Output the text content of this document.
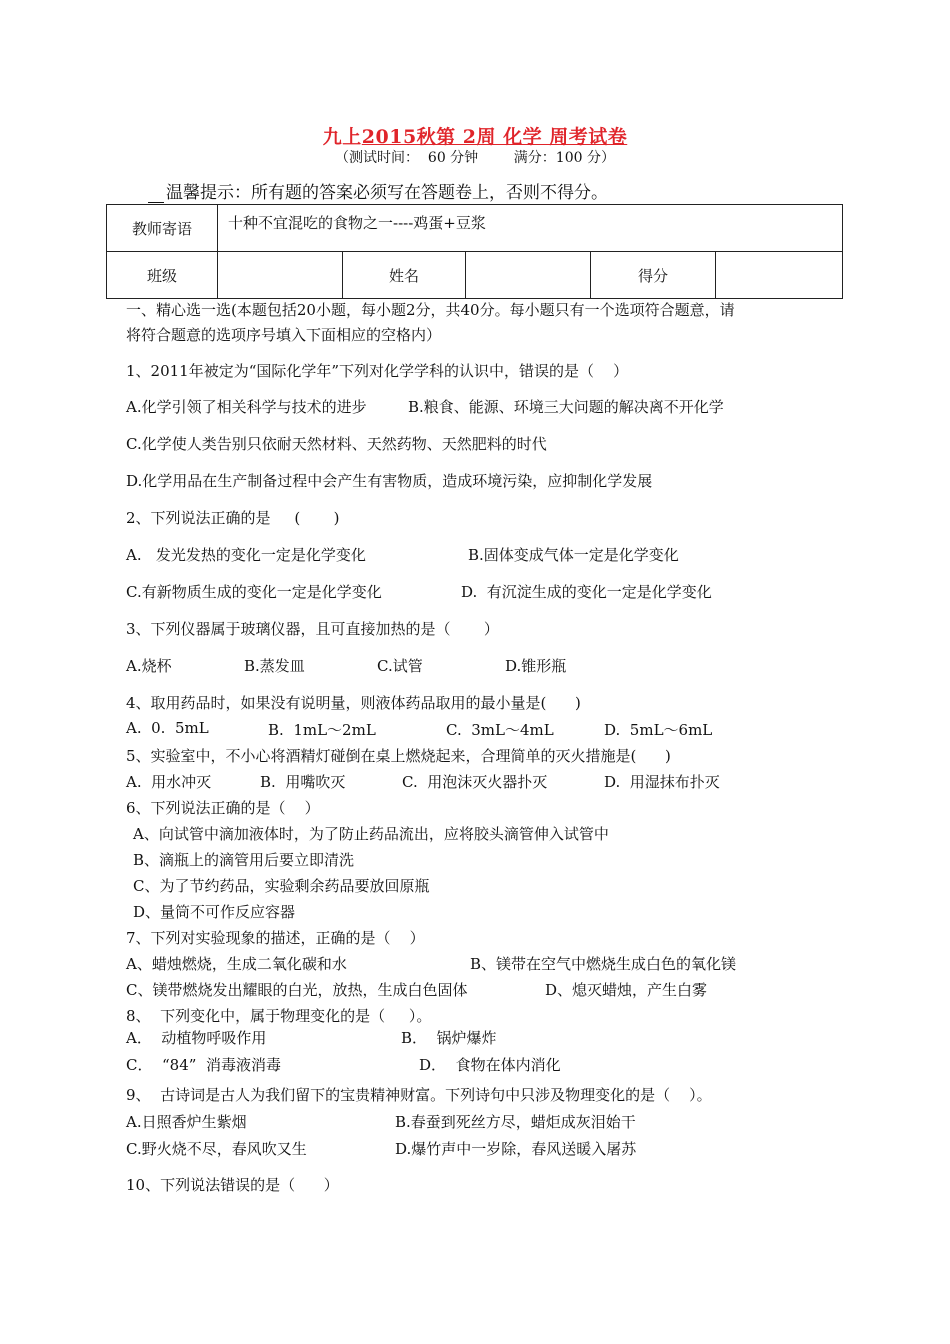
九上2015秋第 2周 化学 周考试卷
（测试时间：  60 分钟        满分：100 分）
温馨提示：所有题的答案必须写在答题卷上，否则不得分。
教师寄语	十种不宜混吃的食物之一----鸡蛋+豆浆				
班级		姓名		得分	
一、精心选一选(本题包括20小题，每小题2分，共40分。每小题只有一个选项符合题意，请
将符合题意的选项序号填入下面相应的空格内）
1、2011年被定为“国际化学年”下列对化学学科的认识中，错误的是（    ）
A.化学引领了相关科学与技术的进步	B.粮食、能源、环境三大问题的解决离不开化学
C.化学使人类告别只依耐天然材料、天然药物、天然肥料的时代
D.化学用品在生产制备过程中会产生有害物质，造成环境污染，应抑制化学发展
2、下列说法正确的是     (       )
A.   发光发热的变化一定是化学变化	B.固体变成气体一定是化学变化
C.有新物质生成的变化一定是化学变化	D.  有沉淀生成的变化一定是化学变化
3、下列仪器属于玻璃仪器，且可直接加热的是（       ）
A.烧杯	B.蒸发皿	C.试管	D.锥形瓶
4、取用药品时，如果没有说明量，则液体药品取用的最小量是(      )
A.  0.  5mL	B.  1mL～2mL	C.  3mL～4mL	D.  5mL～6mL
5、实验室中，不小心将酒精灯碰倒在桌上燃烧起来，合理简单的灭火措施是(      )
A.  用水冲灭	B.  用嘴吹灭	C.  用泡沫灭火器扑灭	D.  用湿抹布扑灭
6、下列说法正确的是（    ）
A、向试管中滴加液体时，为了防止药品流出，应将胶头滴管伸入试管中
B、滴瓶上的滴管用后要立即清洗
C、为了节约药品，实验剩余药品要放回原瓶
D、量筒不可作反应容器
7、下列对实验现象的描述，正确的是（    ）
A、蜡烛燃烧，生成二氧化碳和水	B、镁带在空气中燃烧生成白色的氧化镁
C、镁带燃烧发出耀眼的白光，放热，生成白色固体	D、熄灭蜡烛，产生白雾
8、  下列变化中，属于物理变化的是（     ）。
A．  动植物呼吸作用	B．  锅炉爆炸
C．  “84”  消毒液消毒	D．  食物在体内消化
9、  古诗词是古人为我们留下的宝贵精神财富。下列诗句中只涉及物理变化的是（    ）。
A.日照香炉生紫烟	B.春蚕到死丝方尽，蜡炬成灰泪始干
C.野火烧不尽，春风吹又生	D.爆竹声中一岁除，春风送暖入屠苏
10、下列说法错误的是（      ）
